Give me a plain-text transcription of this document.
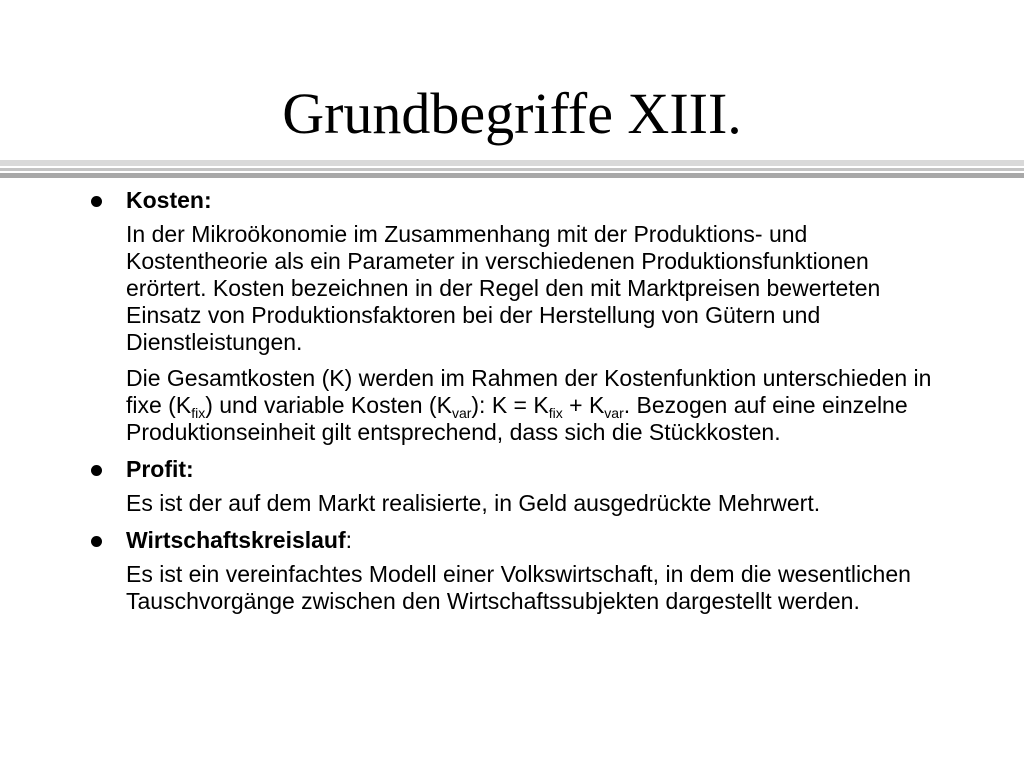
Grundbegriffe XIII.
Kosten:

In der Mikroökonomie im Zusammenhang mit der Produktions- und Kostentheorie als ein Parameter in verschiedenen Produktionsfunktionen erörtert. Kosten bezeichnen in der Regel den mit Marktpreisen bewerteten Einsatz von Produktionsfaktoren bei der Herstellung von Gütern und Dienstleistungen.

Die Gesamtkosten (K) werden im Rahmen der Kostenfunktion unterschieden in fixe $(K_{fix})$ und variable Kosten $(K_{var})$: $K = K_{fix} + K_{var}$. Bezogen auf eine einzelne Produktionseinheit gilt entsprechend, dass sich die Stückkosten.

Profit:

Es ist der auf dem Markt realisierte, in Geld ausgedrückte Mehrwert.

Wirtschaftskreislauf:

Es ist ein vereinfachtes Modell einer Volkswirtschaft, in dem die wesentlichen Tauschvorgänge zwischen den Wirtschaftssubjekten dargestellt werden.
